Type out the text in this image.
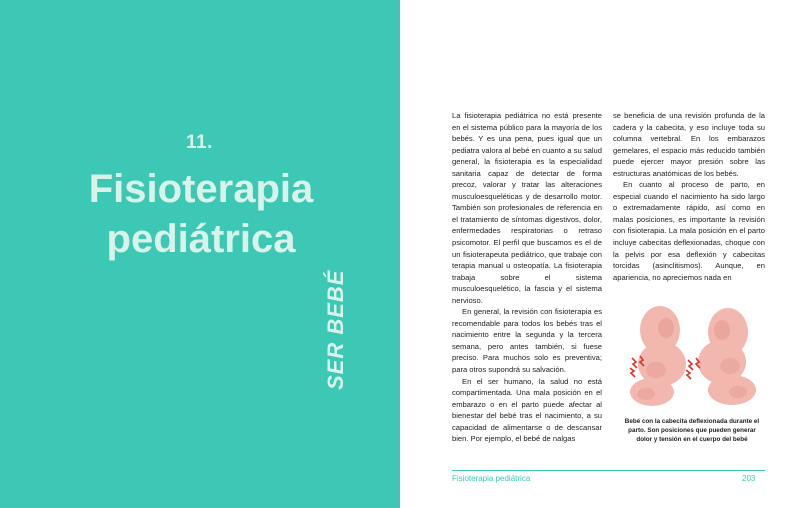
11.
Fisioterapia
pediátrica
SER BEBÉ

La fisioterapia pediátrica no está presente en el sistema público para la mayoría de los bebés. Y es una pena, pues igual que un pediatra valora al bebé en cuanto a su salud general, la fisioterapia es la especialidad sanitaria capaz de detectar de forma precoz, valorar y tratar las alteraciones musculoesqueléticas y de desarrollo motor. También son profesionales de referencia en el tratamiento de síntomas digestivos, dolor, enfermedades respiratorias o retraso psicomotor. El perfil que buscamos es el de un fisioterapeuta pediátrico, que trabaje con terapia manual u osteopatía. La fisioterapia trabaja sobre el sistema musculoesquelético, la fascia y el sistema nervioso.

En general, la revisión con fisioterapia es recomendable para todos los bebés tras el nacimiento entre la segunda y la tercera semana, pero antes también, si fuese preciso. Para muchos solo es preventiva; para otros supondrá su salvación.

En el ser humano, la salud no está compartimentada. Una mala posición en el embarazo o en el parto puede afectar al bienestar del bebé tras el nacimiento, a su capacidad de alimentarse o de descansar bien. Por ejemplo, el bebé de nalgas

se beneficia de una revisión profunda de la cadera y la cabecita, y eso incluye toda su columna vertebral. En los embarazos gemelares, el espacio más reducido también puede ejercer mayor presión sobre las estructuras anatómicas de los bebés.

En cuanto al proceso de parto, en especial cuando el nacimiento ha sido largo o extremadamente rápido, así como en malas posiciones, es importante la revisión con fisioterapia. La mala posición en el parto incluye cabecitas deflexionadas, choque con la pelvis por esa deflexión y cabecitas torcidas (asinclitismos). Aunque, en apariencia, no apreciemos nada en

Bebé con la cabecita deflexionada durante el parto. Son posiciones que pueden generar dolor y tensión en el cuerpo del bebé
Fisioterapia pediátrica	203
